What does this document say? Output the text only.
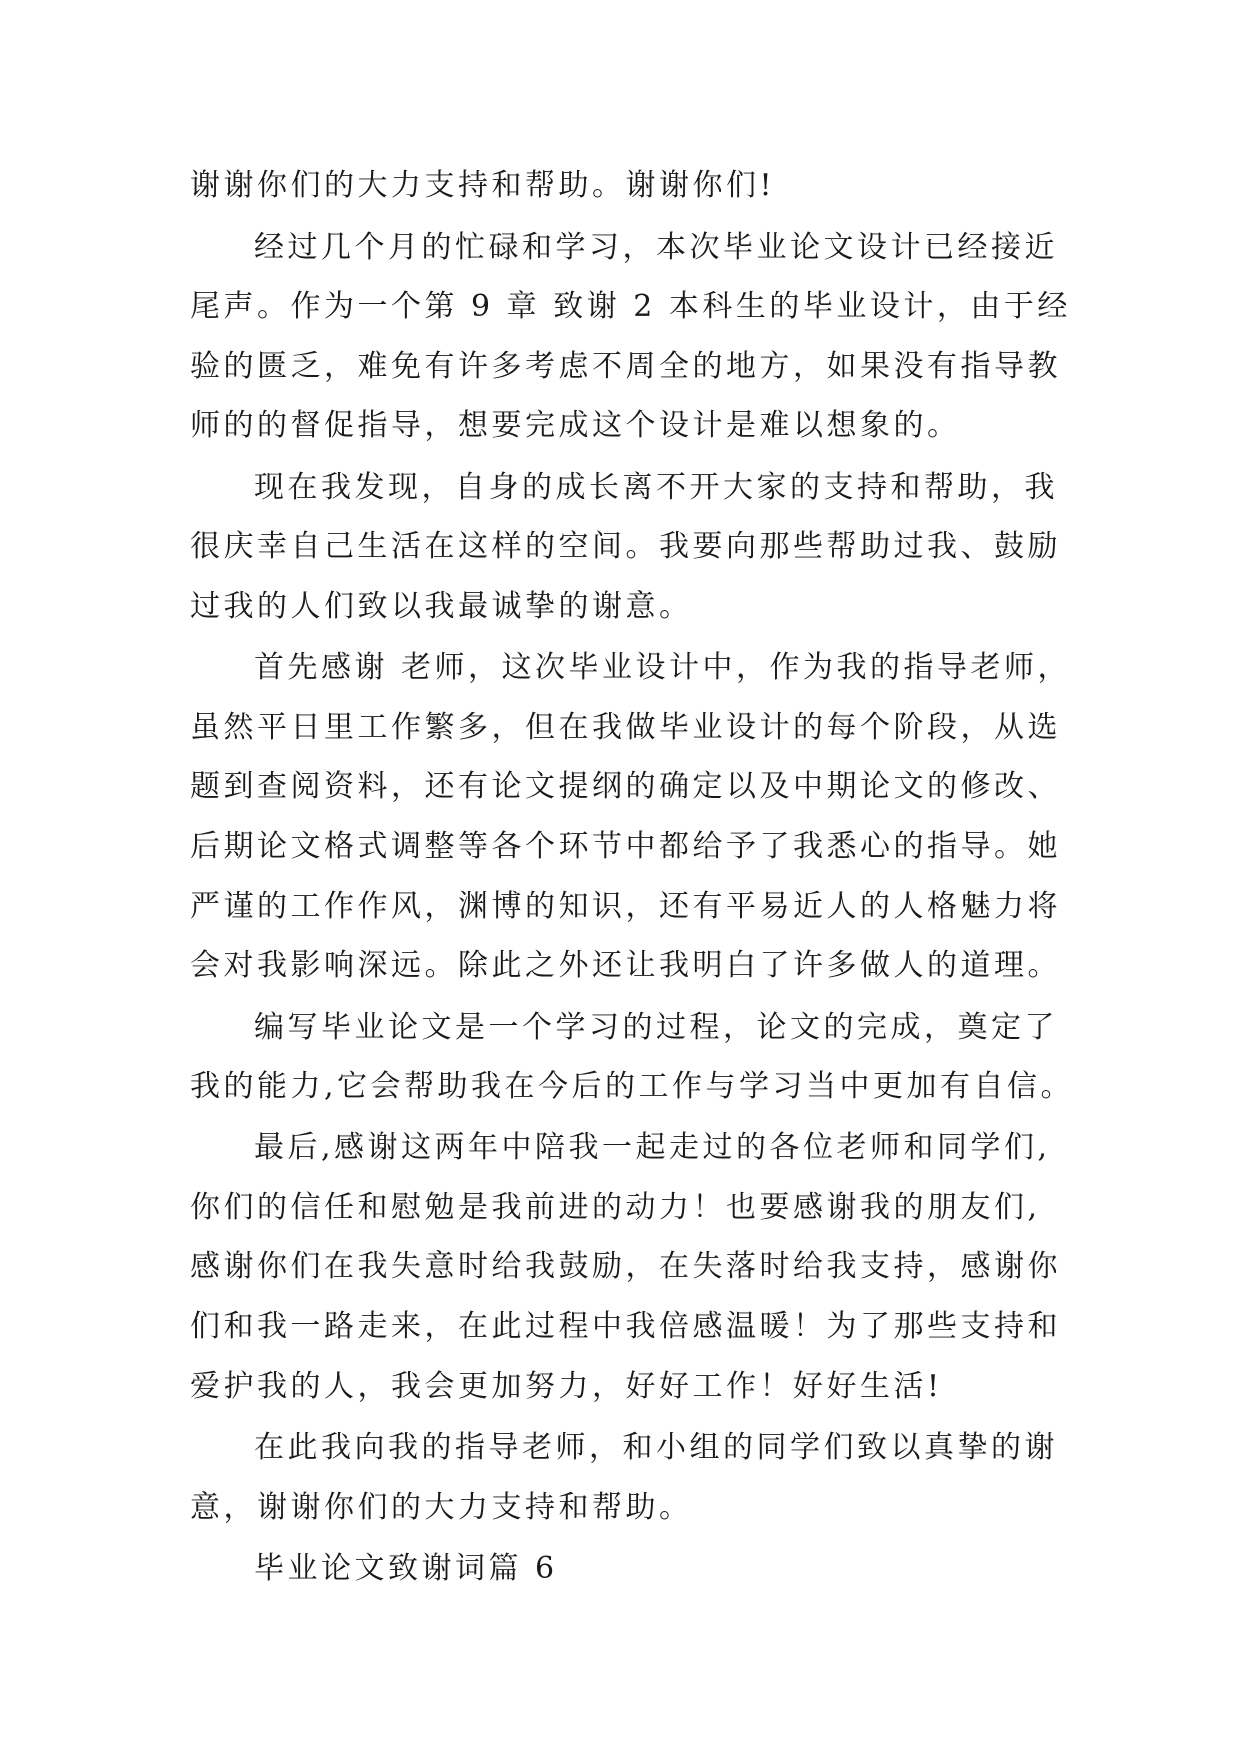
谢谢你们的大力支持和帮助。谢谢你们!
经过几个月的忙碌和学习，本次毕业论文设计已经接近
尾声。作为一个第 9 章 致谢 2 本科生的毕业设计，由于经
验的匮乏，难免有许多考虑不周全的地方，如果没有指导教
师的的督促指导，想要完成这个设计是难以想象的。
现在我发现，自身的成长离不开大家的支持和帮助，我
很庆幸自己生活在这样的空间。我要向那些帮助过我、鼓励
过我的人们致以我最诚挚的谢意。
首先感谢 老师，这次毕业设计中，作为我的指导老师，
虽然平日里工作繁多，但在我做毕业设计的每个阶段，从选
题到查阅资料，还有论文提纲的确定以及中期论文的修改、
后期论文格式调整等各个环节中都给予了我悉心的指导。她
严谨的工作作风，渊博的知识，还有平易近人的人格魅力将
会对我影响深远。除此之外还让我明白了许多做人的道理。
编写毕业论文是一个学习的过程，论文的完成，奠定了
我的能力,它会帮助我在今后的工作与学习当中更加有自信。
最后,感谢这两年中陪我一起走过的各位老师和同学们,
你们的信任和慰勉是我前进的动力！也要感谢我的朋友们,
感谢你们在我失意时给我鼓励，在失落时给我支持，感谢你
们和我一路走来，在此过程中我倍感温暖！为了那些支持和
爱护我的人，我会更加努力，好好工作！好好生活!
在此我向我的指导老师，和小组的同学们致以真挚的谢
意，谢谢你们的大力支持和帮助。
毕业论文致谢词篇 6
